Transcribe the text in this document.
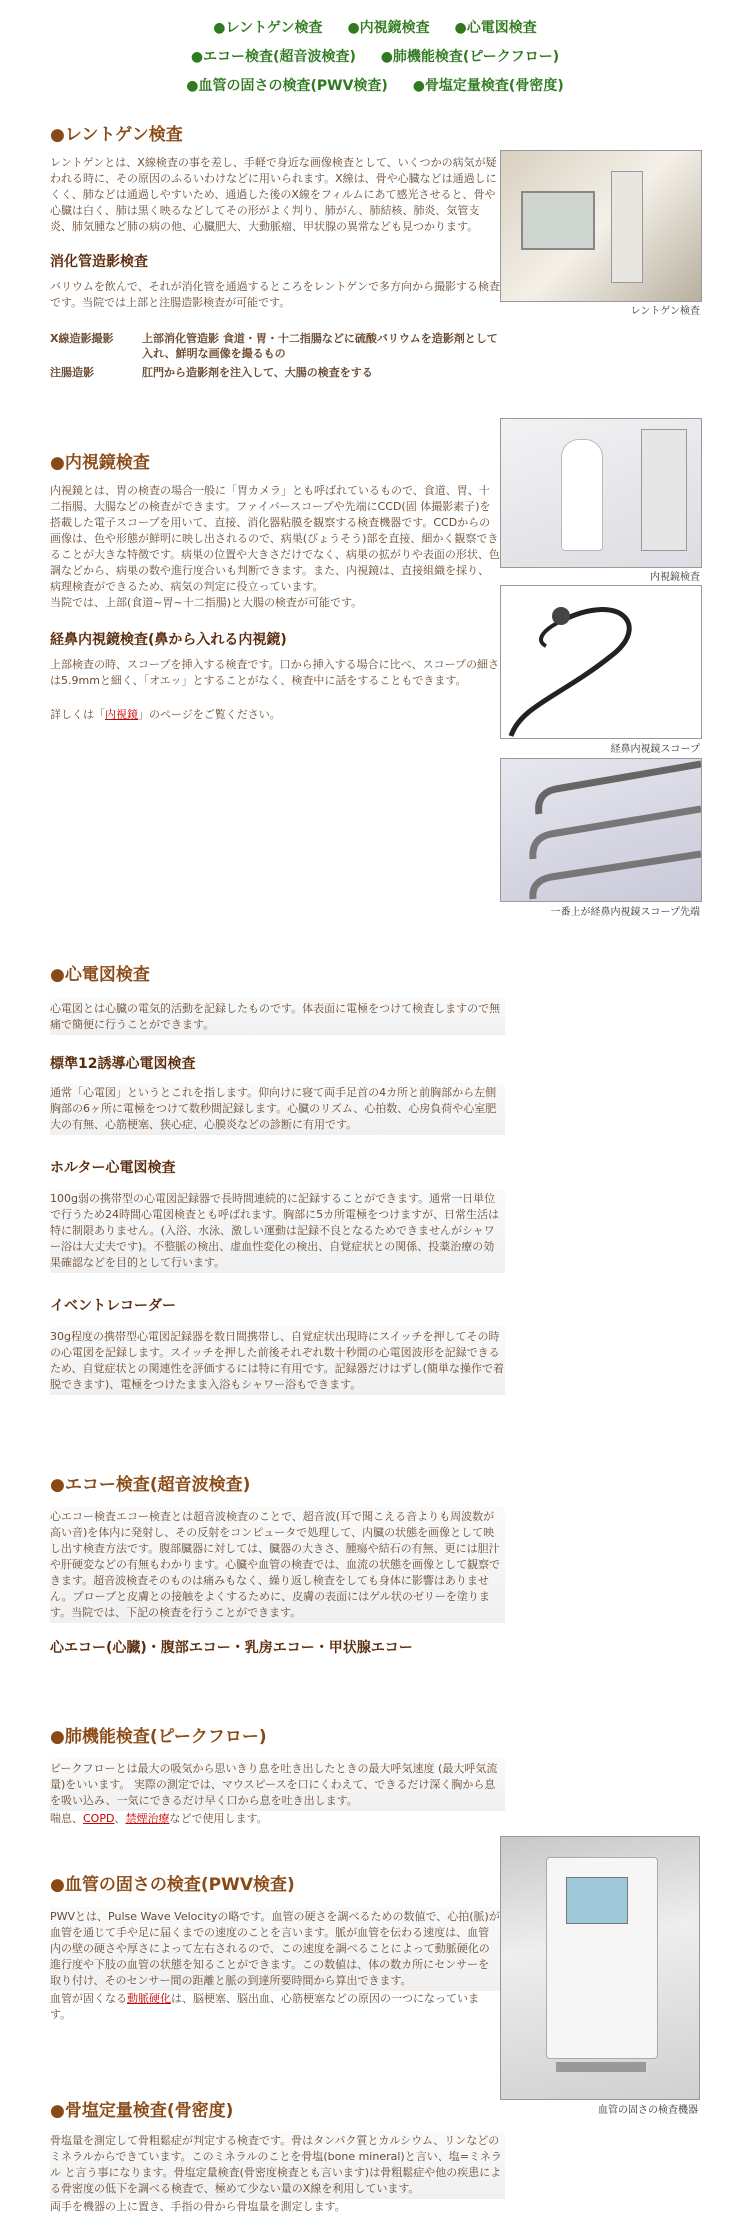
●レントゲン検査 ●内視鏡検査 ●心電図検査
●エコー検査(超音波検査) ●肺機能検査(ピークフロー)
●血管の固さの検査(PWV検査) ●骨塩定量検査(骨密度)
●レントゲン検査

レントゲンとは、X線検査の事を差し、手軽で身近な画像検査として、いくつかの病気が疑われる時に、その原因のふるいわけなどに用いられます。X線は、骨や心臓などは通過しにくく、肺などは通過しやすいため、通過した後のX線をフィルムにあて感光させると、骨や心臓は白く、肺は黒く映るなどしてその形がよく判り、肺がん、肺結核、肺炎、気管支炎、肺気腫など肺の病の他、心臓肥大、大動脈瘤、甲状腺の異常なども見つかります。

消化管造影検査

バリウムを飲んで、それが消化管を通過するところをレントゲンで多方向から撮影する検査です。当院では上部と注腸造影検査が可能です。

X線造影撮影	上部消化管造影 食道・胃・十二指腸などに硫酸バリウムを造影剤として入れ、鮮明な画像を撮るもの
注腸造影	肛門から造影剤を注入して、大腸の検査をする
レントゲン検査
●内視鏡検査

内視鏡とは、胃の検査の場合一般に「胃カメラ」とも呼ばれているもので、食道、胃、十二指腸、大腸などの検査ができます。ファイバースコープや先端にCCD(固 体撮影素子)を搭載した電子スコープを用いて、直接、消化器粘膜を観察する検査機器です。CCDからの画像は、色や形態が鮮明に映し出されるので、病巣(びょうそう)部を直接、細かく観察できることが大きな特徴です。病巣の位置や大きさだけでなく、病巣の拡がりや表面の形状、色調などから、病巣の数や進行度合いも判断できます。また、内視鏡は、直接組織を採り、病理検査ができるため、病気の判定に役立っています。

当院では、上部(食道~胃~十二指腸)と大腸の検査が可能です。

経鼻内視鏡検査(鼻から入れる内視鏡)

上部検査の時、スコープを挿入する検査です。口から挿入する場合に比べ、スコープの細さは5.9mmと細く、「オエッ」とすることがなく、検査中に話をすることもできます。

詳しくは「内視鏡」のページをご覧ください。

内視鏡検査
経鼻内視鏡スコープ
一番上が経鼻内視鏡スコープ先端
●心電図検査

心電図とは心臓の電気的活動を記録したものです。体表面に電極をつけて検査しますので無痛で簡便に行うことができます。

標準12誘導心電図検査

通常「心電図」というとこれを指します。仰向けに寝て両手足首の4カ所と前胸部から左側胸部の6ヶ所に電極をつけて数秒間記録します。心臓のリズム、心拍数、心房負荷や心室肥大の有無、心筋梗塞、狭心症、心膜炎などの診断に有用です。

ホルター心電図検査

100g弱の携帯型の心電図記録器で長時間連続的に記録することができます。通常一日単位で行うため24時間心電図検査とも呼ばれます。胸部に5カ所電極をつけますが、日常生活は特に制限ありません。(入浴、水泳、激しい運動は記録不良となるためできませんがシャワー浴は大丈夫です)。不整脈の検出、虚血性変化の検出、自覚症状との関係、投薬治療の効果確認などを目的として行います。

イベントレコーダー

30g程度の携帯型心電図記録器を数日間携帯し、自覚症状出現時にスイッチを押してその時の心電図を記録します。スイッチを押した前後それぞれ数十秒間の心電図波形を記録できるため、自覚症状との関連性を評価するには特に有用です。記録器だけはずし(簡単な操作で着脱できます)、電極をつけたまま入浴もシャワー浴もできます。

●エコー検査(超音波検査)

心エコー検査エコー検査とは超音波検査のことで、超音波(耳で聞こえる音よりも周波数が高い音)を体内に発射し、その反射をコンピュータで処理して、内臓の状態を画像として映し出す検査方法です。腹部臓器に対しては、臓器の大きさ、腫瘍や結石の有無、更には胆汁や肝硬変などの有無もわかります。心臓や血管の検査では、血流の状態を画像として観察できます。超音波検査そのものは痛みもなく、繰り返し検査をしても身体に影響はありません。プローブと皮膚との接触をよくするために、皮膚の表面にはゲル状のゼリーを塗ります。当院では、下記の検査を行うことができます。

心エコー(心臓)・腹部エコー・乳房エコー・甲状腺エコー
●肺機能検査(ピークフロー)

ピークフローとは最大の吸気から思いきり息を吐き出したときの最大呼気速度 (最大呼気流量)をいいます。 実際の測定では、マウスピースを口にくわえて、できるだけ深く胸から息を吸い込み、一気にできるだけ早く口から息を吐き出します。

喘息、COPD、禁煙治療などで使用します。

●血管の固さの検査(PWV検査)

PWVとは、Pulse Wave Velocityの略です。血管の硬さを調べるための数値で、心拍(脈)が血管を通じて手や足に届くまでの速度のことを言います。脈が血管を伝わる速度は、血管内の壁の硬さや厚さによって左右されるので、この速度を調べることによって動脈硬化の進行度や下肢の血管の状態を知ることができます。この数値は、体の数カ所にセンサーを取り付け、そのセンサー間の距離と脈の到達所要時間から算出できます。

血管が固くなる動脈硬化は、脳梗塞、脳出血、心筋梗塞などの原因の一つになっています。

血管の固さの検査機器
●骨塩定量検査(骨密度)

骨塩量を測定して骨粗鬆症が判定する検査です。骨はタンパク質とカルシウム、リンなどのミネラルからできています。このミネラルのことを骨塩(bone mineral)と言い、塩=ミネラル と言う事になります。骨塩定量検査(骨密度検査とも言います)は骨粗鬆症や他の疾患による骨密度の低下を調べる検査で、極めて少ない量のX線を利用しています。

両手を機器の上に置き、手指の骨から骨塩量を測定します。
